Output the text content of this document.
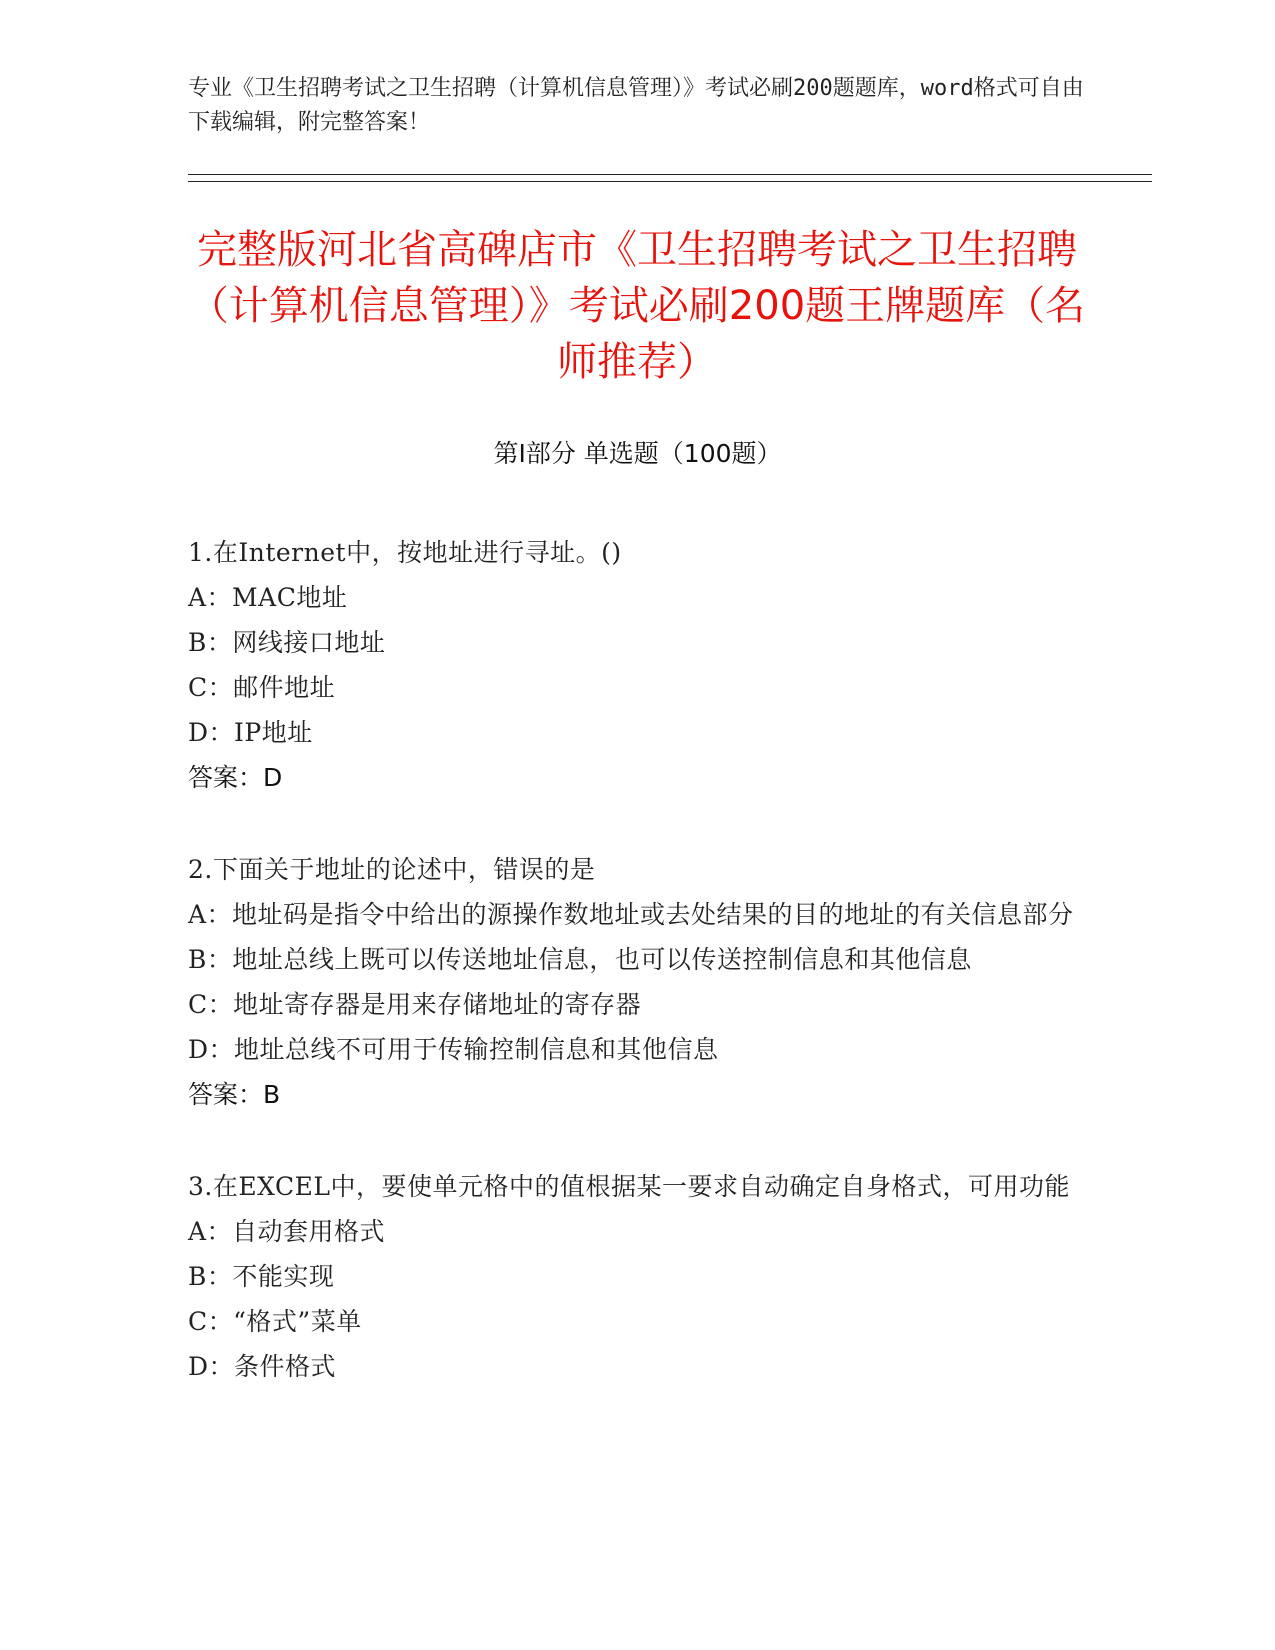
专业《卫生招聘考试之卫生招聘（计算机信息管理）》考试必刷200题题库，word格式可自由下载编辑，附完整答案！
完整版河北省高碑店市《卫生招聘考试之卫生招聘（计算机信息管理）》考试必刷200题王牌题库（名师推荐）
第I部分 单选题（100题）
1.在Internet中，按地址进行寻址。()
A：MAC地址
B：网线接口地址
C：邮件地址
D：IP地址
答案：D
2.下面关于地址的论述中，错误的是
A：地址码是指令中给出的源操作数地址或去处结果的目的地址的有关信息部分
B：地址总线上既可以传送地址信息，也可以传送控制信息和其他信息
C：地址寄存器是用来存储地址的寄存器
D：地址总线不可用于传输控制信息和其他信息
答案：B
3.在EXCEL中，要使单元格中的值根据某一要求自动确定自身格式，可用功能
A：自动套用格式
B：不能实现
C：“格式”菜单
D：条件格式
